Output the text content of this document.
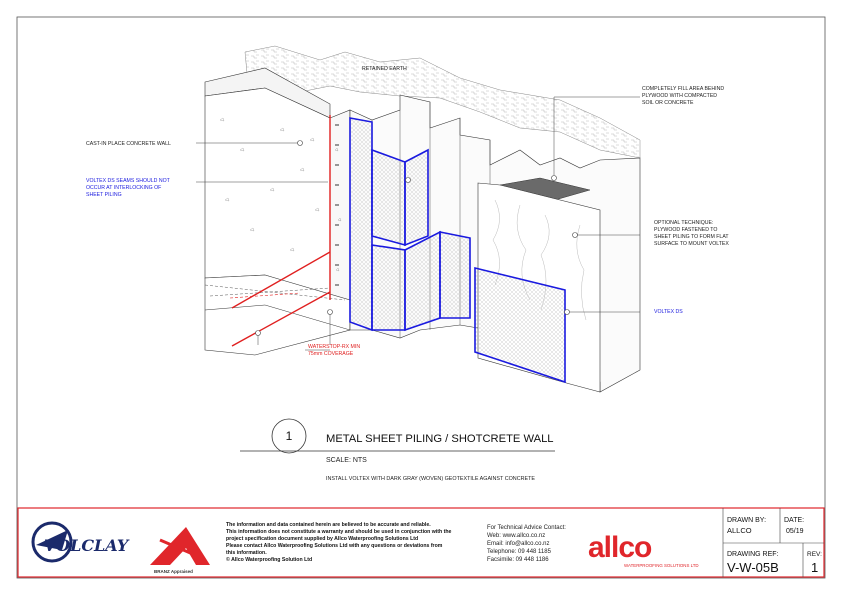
RETAINED EARTH
CAST-IN PLACE CONCRETE WALL
VOLTEX DS SEAMS SHOULD NOT
OCCUR AT INTERLOCKING OF
SHEET PILING
COMPLETELY FILL AREA BEHIND
PLYWOOD WITH COMPACTED
SOIL OR CONCRETE
OPTIONAL TECHNIQUE:
PLYWOOD FASTENED TO
SHEET PILING TO FORM FLAT
SURFACE TO MOUNT VOLTEX
VOLTEX DS
WATERSTOP-RX MIN
75mm COVERAGE
1	METAL SHEET PILING / SHOTCRETE WALL
SCALE: NTS
INSTALL VOLTEX WITH DARK GRAY (WOVEN) GEOTEXTILE AGAINST CONCRETE
VOLCLAY
BRANZ Appraised
The information and data contained herein are believed to be accurate and reliable.
This information does not constitute a warranty and should be used in conjunction with the
project specification document supplied by Allco Waterproofing Solutions Ltd
Please contact Allco Waterproofing Solutions Ltd with any questions or deviations from
this information.
© Allco Waterproofing Solution Ltd
For Technical Advice Contact:
Web: www.allco.co.nz
Email: info@allco.co.nz
Telephone: 09 448 1185
Facsimile: 09 448 1186 allco
WATERPROOFING SOLUTIONS LTD
DRAWN BY:
ALLCO
DATE:
05/19
DRAWING REF:
V-W-05B
REV:
1
